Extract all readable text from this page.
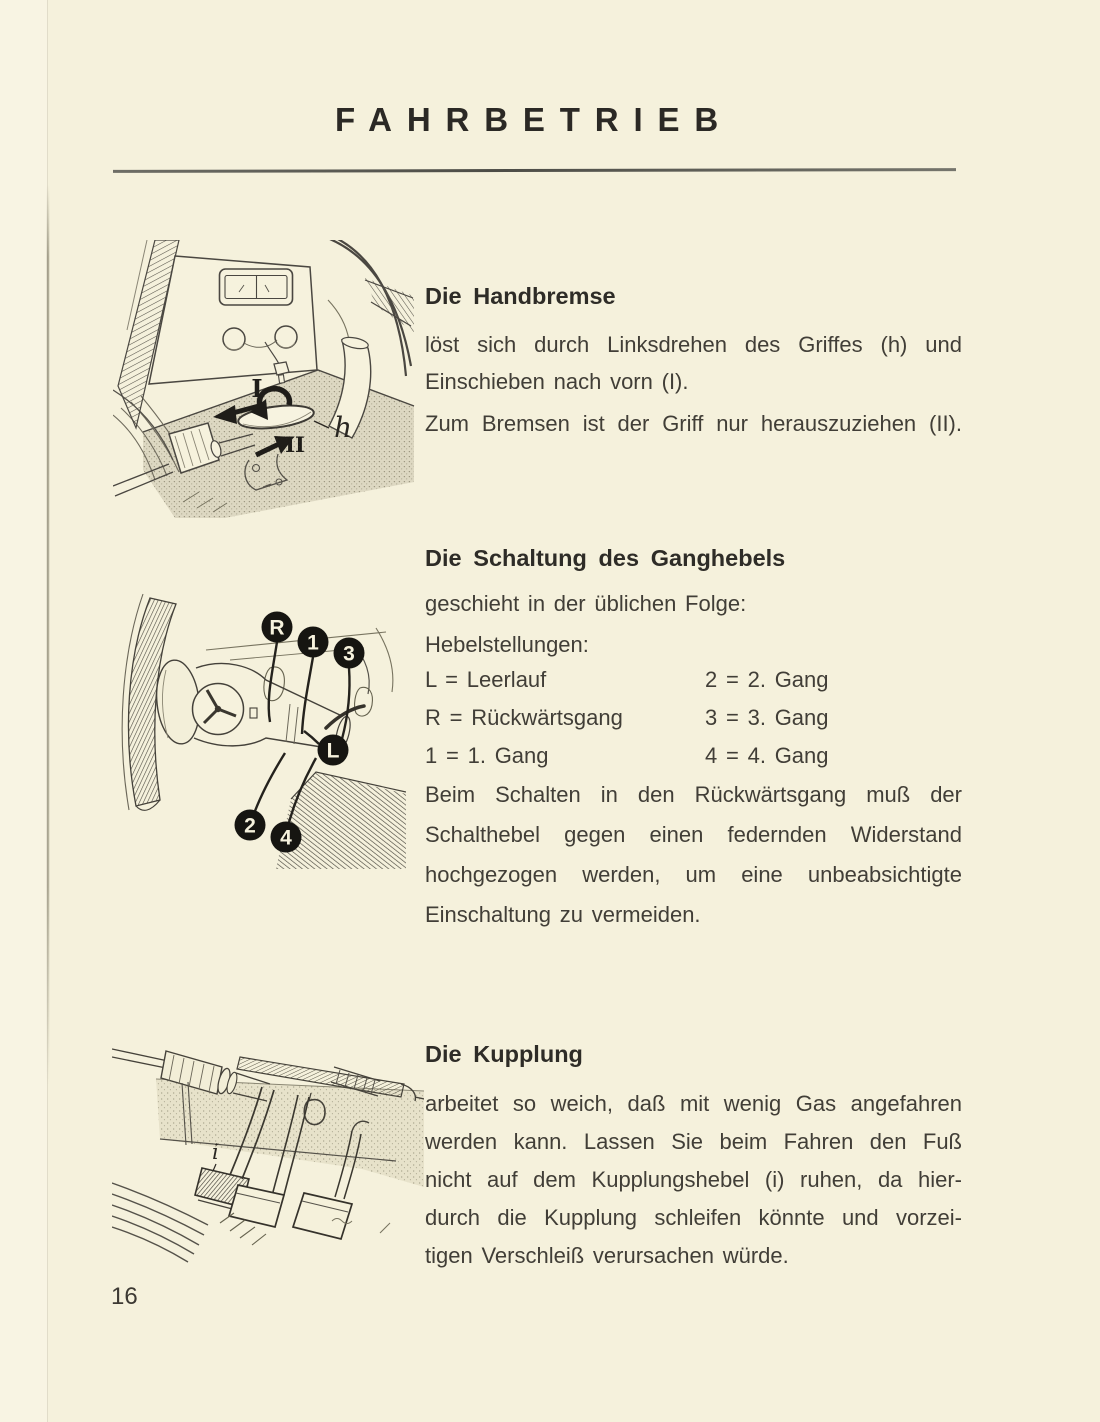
FAHRBETRIEB
I
II
h
Die Handbremse
löst sich durch Linksdrehen des Griffes (h) und
Einschieben nach vorn (I).
Zum Bremsen ist der Griff nur herauszuziehen (II).
R
1 3
L
2
4
Die Schaltung des Ganghebels
geschieht in der üblichen Folge:
Hebelstellungen:
L = Leerlauf	2 = 2. Gang
R = Rückwärtsgang	3 = 3. Gang
1 = 1. Gang	4 = 4. Gang
Beim Schalten in den Rückwärtsgang muß der
Schalthebel gegen einen federnden Widerstand
hochgezogen werden, um eine unbeabsichtigte
Einschaltung zu vermeiden.
i
Die Kupplung
arbeitet so weich, daß mit wenig Gas angefahren
werden kann. Lassen Sie beim Fahren den Fuß
nicht auf dem Kupplungshebel (i) ruhen, da hier-
durch die Kupplung schleifen könnte und vorzei-
tigen Verschleiß verursachen würde.
16
